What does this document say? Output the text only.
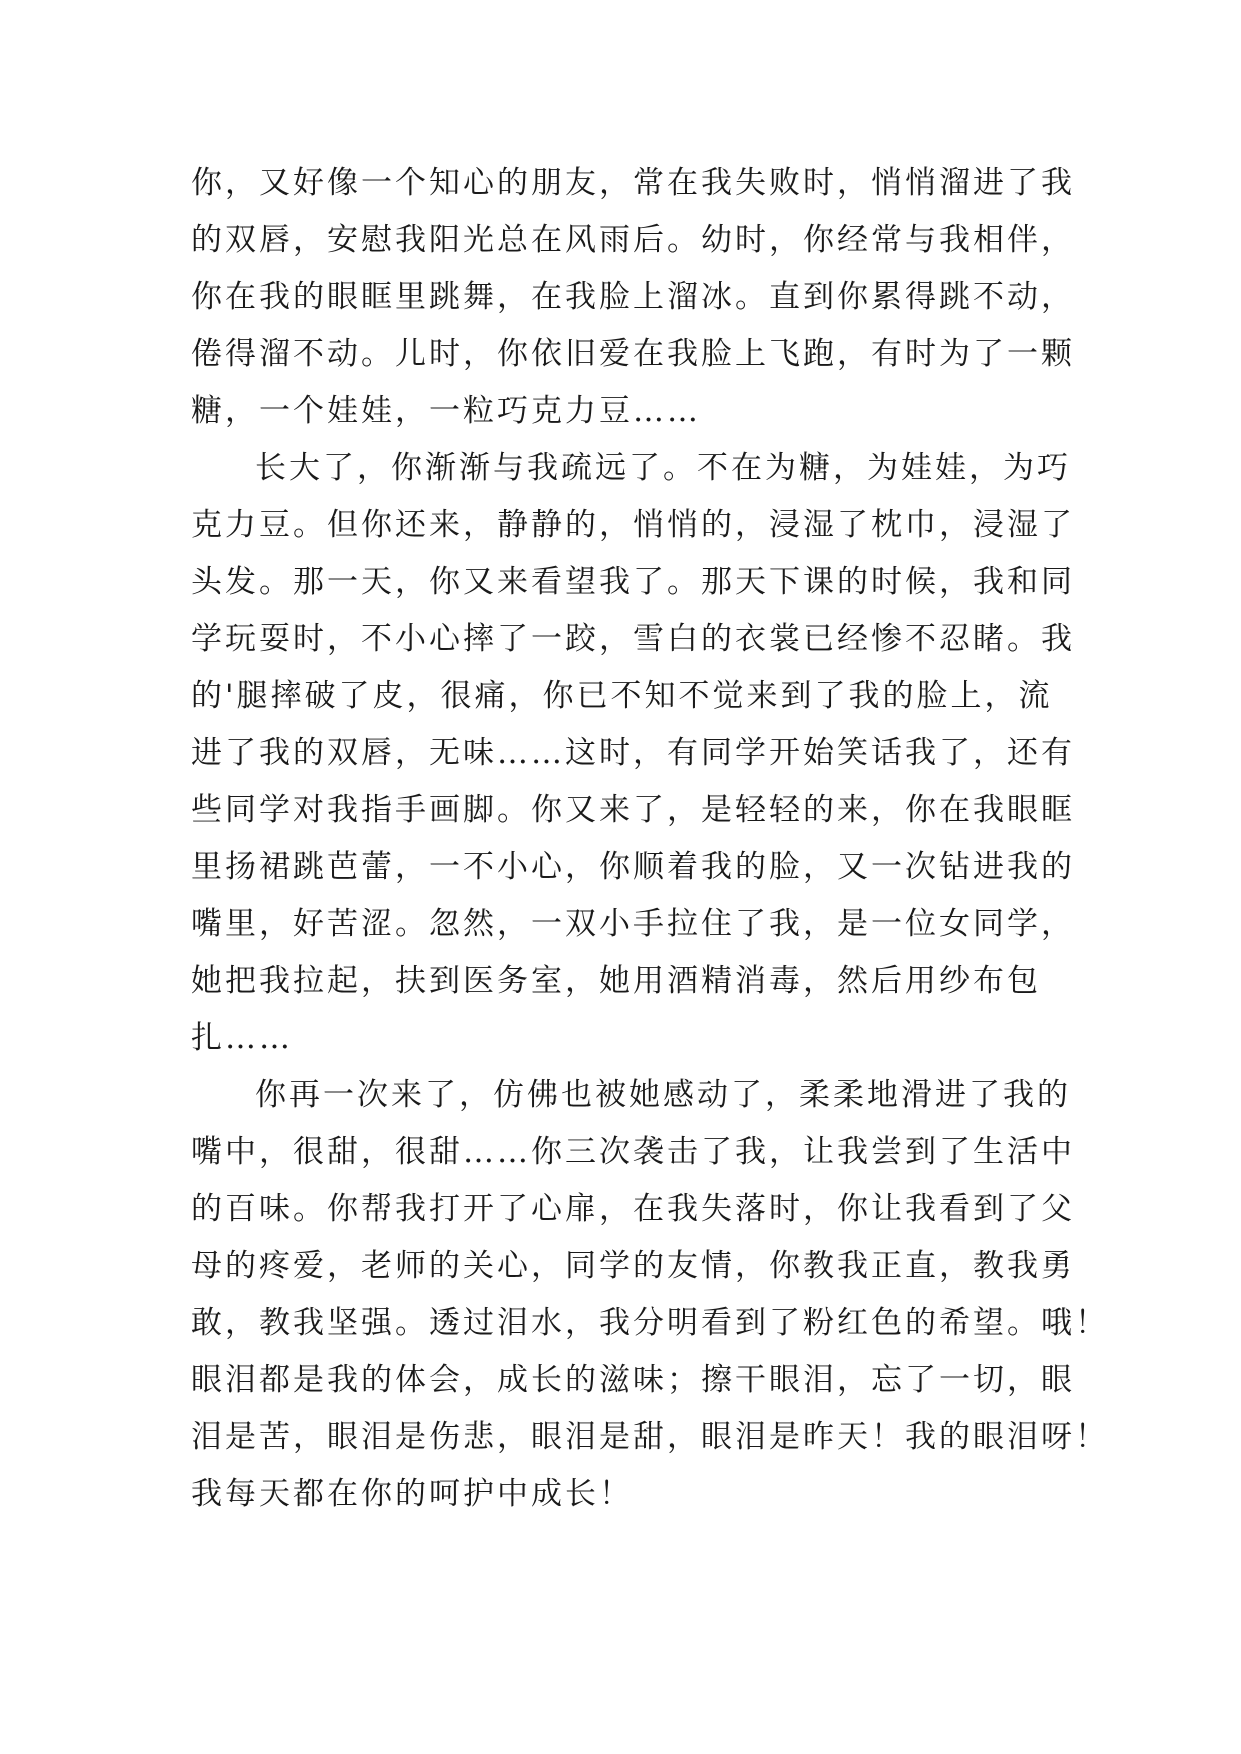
你，又好像一个知心的朋友，常在我失败时，悄悄溜进了我
的双唇，安慰我阳光总在风雨后。幼时，你经常与我相伴，
你在我的眼眶里跳舞，在我脸上溜冰。直到你累得跳不动，
倦得溜不动。儿时，你依旧爱在我脸上飞跑，有时为了一颗
糖，一个娃娃，一粒巧克力豆……
长大了，你渐渐与我疏远了。不在为糖，为娃娃，为巧
克力豆。但你还来，静静的，悄悄的，浸湿了枕巾，浸湿了
头发。那一天，你又来看望我了。那天下课的时候，我和同
学玩耍时，不小心摔了一跤，雪白的衣裳已经惨不忍睹。我
的'腿摔破了皮，很痛，你已不知不觉来到了我的脸上，流
进了我的双唇，无味……这时，有同学开始笑话我了，还有
些同学对我指手画脚。你又来了，是轻轻的来，你在我眼眶
里扬裙跳芭蕾，一不小心，你顺着我的脸，又一次钻进我的
嘴里，好苦涩。忽然，一双小手拉住了我，是一位女同学，
她把我拉起，扶到医务室，她用酒精消毒，然后用纱布包
扎……
你再一次来了，仿佛也被她感动了，柔柔地滑进了我的
嘴中，很甜，很甜……你三次袭击了我，让我尝到了生活中
的百味。你帮我打开了心扉，在我失落时，你让我看到了父
母的疼爱，老师的关心，同学的友情，你教我正直，教我勇
敢，教我坚强。透过泪水，我分明看到了粉红色的希望。哦！
眼泪都是我的体会，成长的滋味；擦干眼泪，忘了一切，眼
泪是苦，眼泪是伤悲，眼泪是甜，眼泪是昨天！我的眼泪呀！
我每天都在你的呵护中成长！
